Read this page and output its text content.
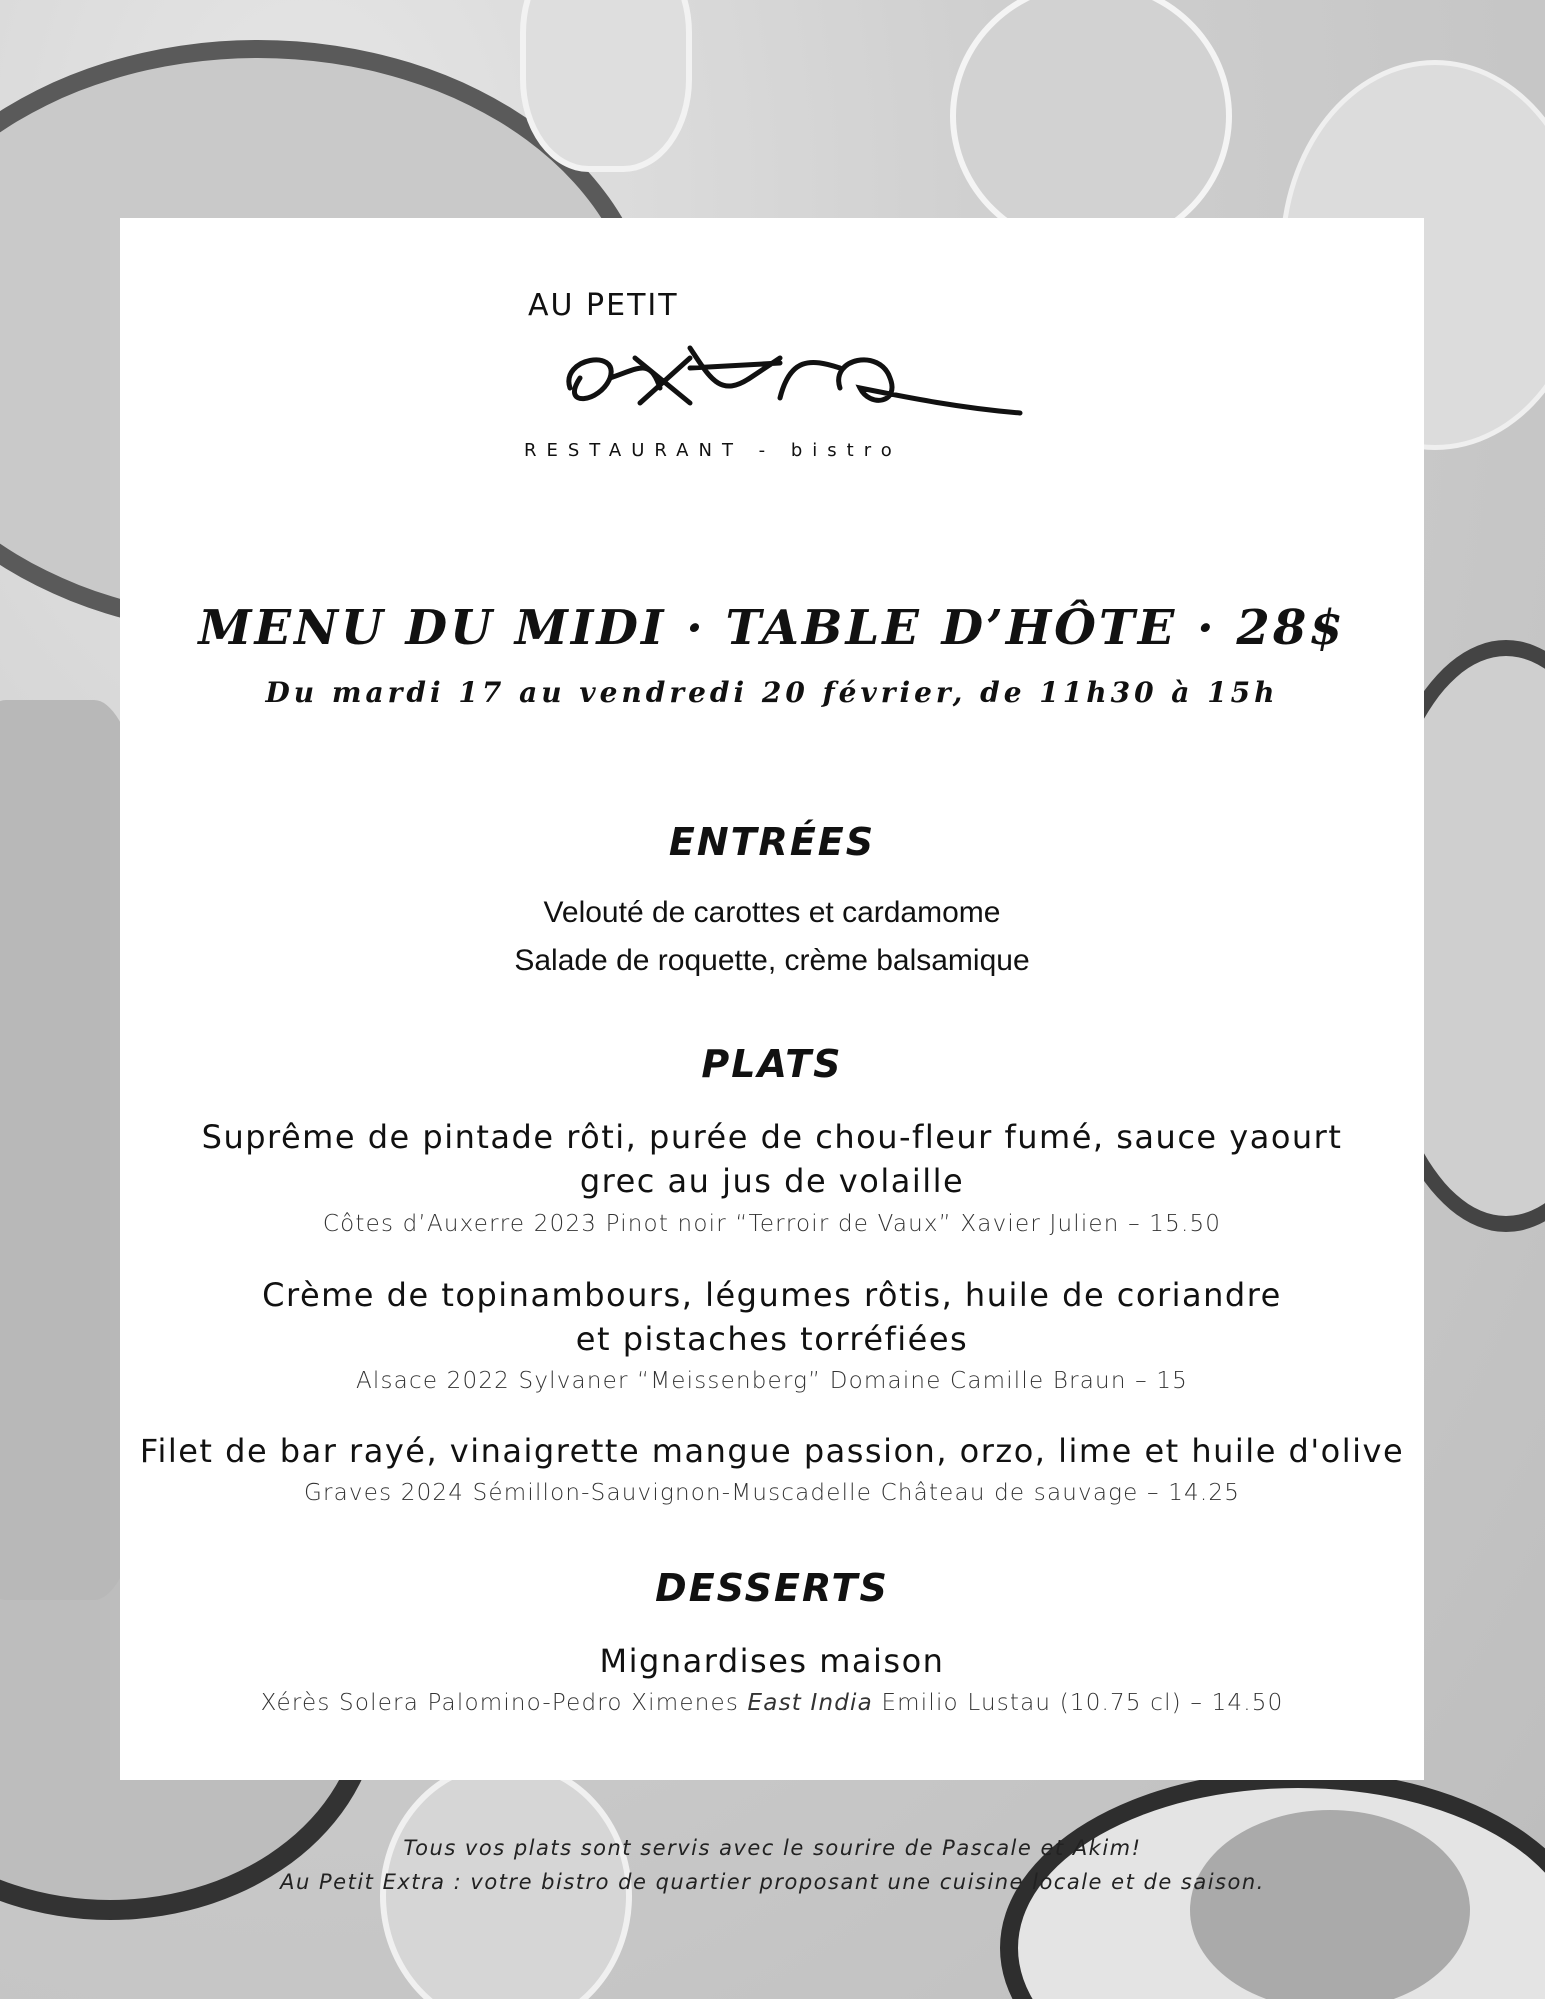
AU PETIT
RESTAURANT - bistro
MENU DU MIDI · TABLE D’HÔTE · 28$
Du mardi 17 au vendredi 20 février, de 11h30 à 15h
ENTRÉES
Velouté de carottes et cardamome
Salade de roquette, crème balsamique
PLATS
Suprême de pintade rôti, purée de chou-fleur fumé, sauce yaourt
grec au jus de volaille
Côtes d’Auxerre 2023 Pinot noir “Terroir de Vaux” Xavier Julien – 15.50
Crème de topinambours, légumes rôtis, huile de coriandre
et pistaches torréfiées
Alsace 2022 Sylvaner “Meissenberg” Domaine Camille Braun – 15
Filet de bar rayé, vinaigrette mangue passion, orzo, lime et huile d'olive
Graves 2024 Sémillon-Sauvignon-Muscadelle Château de sauvage – 14.25
DESSERTS
Mignardises maison
Xérès Solera Palomino-Pedro Ximenes East India Emilio Lustau (10.75 cl) – 14.50
Tous vos plats sont servis avec le sourire de Pascale et Akim!
Au Petit Extra : votre bistro de quartier proposant une cuisine locale et de saison.
